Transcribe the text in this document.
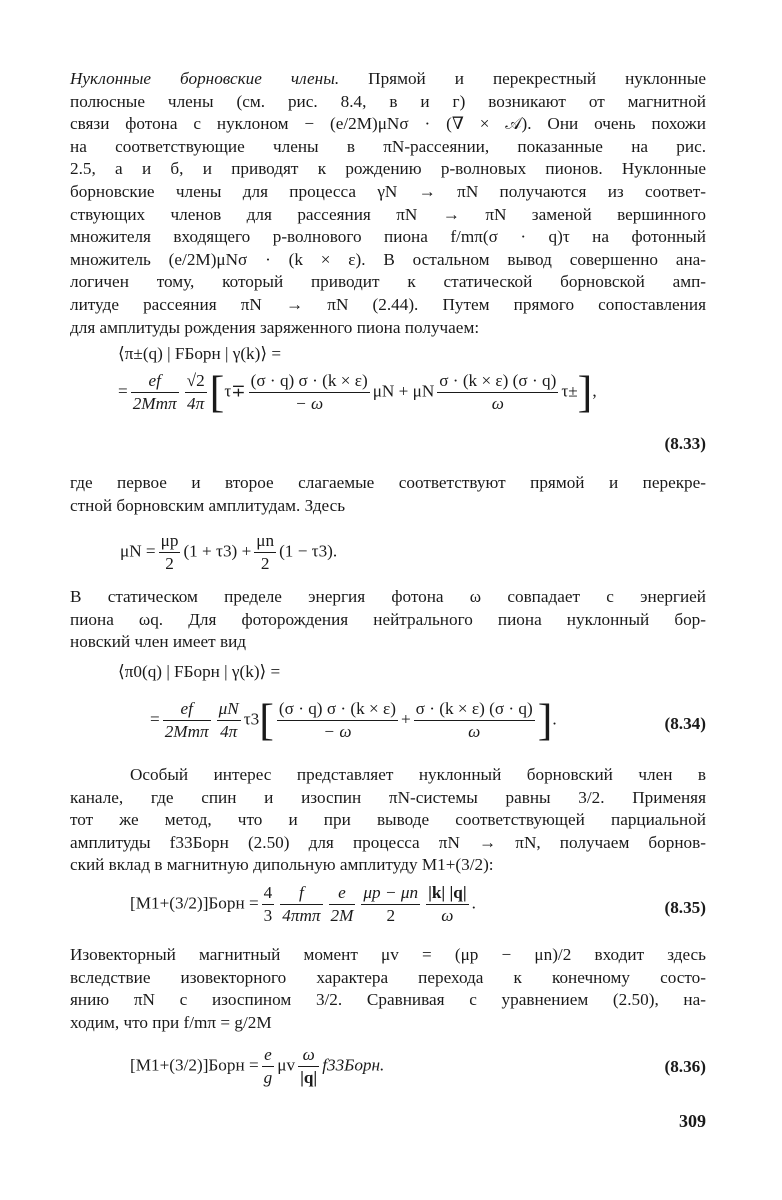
Нуклонные борновские члены. Прямой и перекрестный нуклонные
полюсные члены (см. рис. 8.4, в и г) возникают от магнитной
связи фотона с нуклоном − (e/2M)μNσ · (∇ × 𝒜). Они очень похожи
на соответствующие члены в πN-рассеянии, показанные на рис.
2.5, а и б, и приводят к рождению p-волновых пионов. Нуклонные
борновские члены для процесса γN → πN получаются из соответ-
ствующих членов для рассеяния πN → πN заменой вершинного
множителя входящего p-волнового пиона f/mπ(σ · q)τ на фотонный
множитель (e/2M)μNσ · (k × ε). В остальном вывод совершенно ана-
логичен тому, который приводит к статической борновской амп-
литуде рассеяния πN → πN (2.44). Путем прямого сопоставления
для амплитуды рождения заряженного пиона получаем:
⟨π±(q) | FБорн | γ(k)⟩ =
= $\frac{ef}{\text{2Mmπ}} \frac{√2}{4\pi} [\tau\mp \frac{(\sigma \cdot q) \sigma \cdot (k \times \varepsilon)}{- \omega}$ μN + μN $\frac{\sigma \cdot (k \times \varepsilon) (\sigma \cdot q)}{\omega} \tau\pm$],
(8.33)
где первое и второе слагаемые соответствуют прямой и перекре-
стной борновским амплитудам. Здесь
$\mu N = \frac{\mu p}{2} (1 + \tau 3) + \frac{\mu n}{2} (1 - \tau 3)$.
В статическом пределе энергия фотона ω совпадает с энергией
пиона ωq. Для фоторождения нейтрального пиона нуклонный бор-
новский член имеет вид
⟨π0(q) | FБорн | γ(k)⟩ =
= $\frac{ef}{\text{2Mmπ}} \frac{\mu N}{4\pi} \tau 3[ \frac{(\sigma \cdot q) \sigma \cdot (k \times \varepsilon)}{- \omega} + \frac{\sigma \cdot (k \times \varepsilon) (\sigma \cdot q)}{\omega}$ ].	(8.34)
Особый интерес представляет нуклонный борновский член в
канале, где спин и изоспин πN-системы равны 3/2. Применяя
тот же метод, что и при выводе соответствующей парциальной
амплитуды f33Борн (2.50) для процесса πN → πN, получаем борнов-
ский вклад в магнитную дипольную амплитуду M1+(3/2):
[M1+(3/2)]Борн = $\frac{4}{3} \frac{f}{\text{4πmπ}} \frac{e}{2M} \frac{\mu p - \mu n}{2} \frac{|k| |q|}{\omega}$ .	(8.35)
Изовекторный магнитный момент μv = (μp − μn)/2 входит здесь
вследствие изовекторного характера перехода к конечному состо-
янию πN с изоспином 3/2. Сравнивая с уравнением (2.50), на-
ходим, что при f/mπ = g/2M
[M1+(3/2)]Борн = $\frac{e}{g}$ μv $\frac{\omega}{|q|}$ f33Борн.	(8.36)
309
